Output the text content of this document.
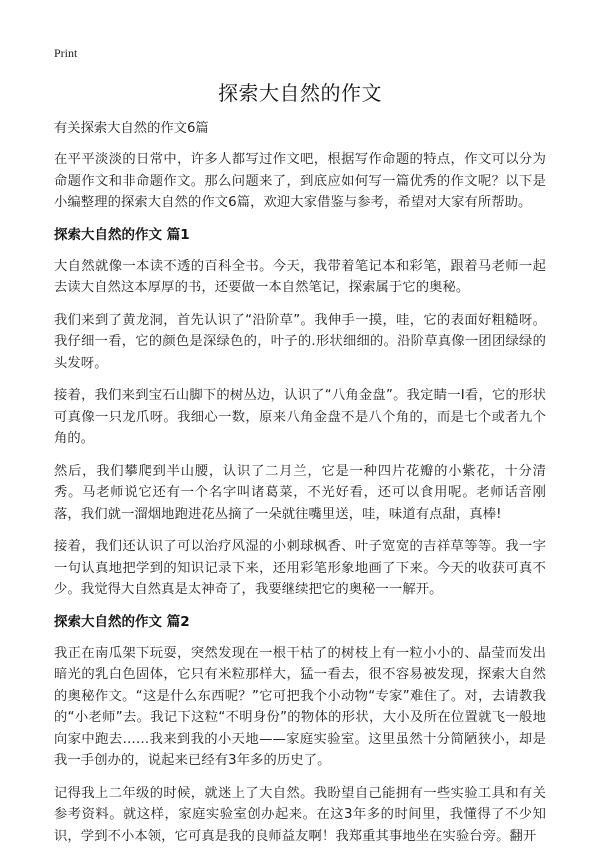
Print
探索大自然的作文
有关探索大自然的作文6篇

在平平淡淡的日常中，许多人都写过作文吧，根据写作命题的特点，作文可以分为命题作文和非命题作文。那么问题来了，到底应如何写一篇优秀的作文呢？以下是小编整理的探索大自然的作文6篇，欢迎大家借鉴与参考，希望对大家有所帮助。

探索大自然的作文 篇1

大自然就像一本读不透的百科全书。今天，我带着笔记本和彩笔，跟着马老师一起去读大自然这本厚厚的书，还要做一本自然笔记，探索属于它的奥秘。

我们来到了黄龙洞，首先认识了“沿阶草”。我伸手一摸，哇，它的表面好粗糙呀。我仔细一看，它的颜色是深绿色的，叶子的.形状细细的。沿阶草真像一团团绿绿的头发呀。

接着，我们来到宝石山脚下的树丛边，认识了“八角金盘”。我定睛一I看，它的形状可真像一只龙爪呀。我细心一数，原来八角金盘不是八个角的，而是七个或者九个角的。

然后，我们攀爬到半山腰，认识了二月兰，它是一种四片花瓣的小紫花，十分清秀。马老师说它还有一个名字叫诸葛菜，不光好看，还可以食用呢。老师话音刚落，我们就一溜烟地跑进花丛摘了一朵就往嘴里送，哇，味道有点甜，真棒!

接着，我们还认识了可以治疗风湿的小刺球枫香、叶子宽宽的吉祥草等等。我一字一句认真地把学到的知识记录下来，还用彩笔形象地画了下来。今天的收获可真不少。我觉得大自然真是太神奇了，我要继续把它的奥秘一一解开。

探索大自然的作文 篇2

我正在南瓜架下玩耍，突然发现在一根干枯了的树枝上有一粒小小的、晶莹而发出暗光的乳白色固体，它只有米粒那样大，猛一看去，很不容易被发现，探索大自然的奥秘作文。“这是什么东西呢？”它可把我个小动物“专家”难住了。对，去请教我的“小老师”去。我记下这粒“不明身份”的物体的形状，大小及所在位置就飞一般地向家中跑去……我来到我的小天地——家庭实验室。这里虽然十分简陋狭小，却是我一手创办的，说起来已经有3年多的历史了。

记得我上二年级的时候，就迷上了大自然。我盼望自己能拥有一些实验工具和有关参考资料。就这样，家庭实验室创办起来。在这3年多的时间里，我懂得了不少知识，学到不小本领，它可真是我的良师益友啊！我郑重其事地坐在实验台旁。翻开
